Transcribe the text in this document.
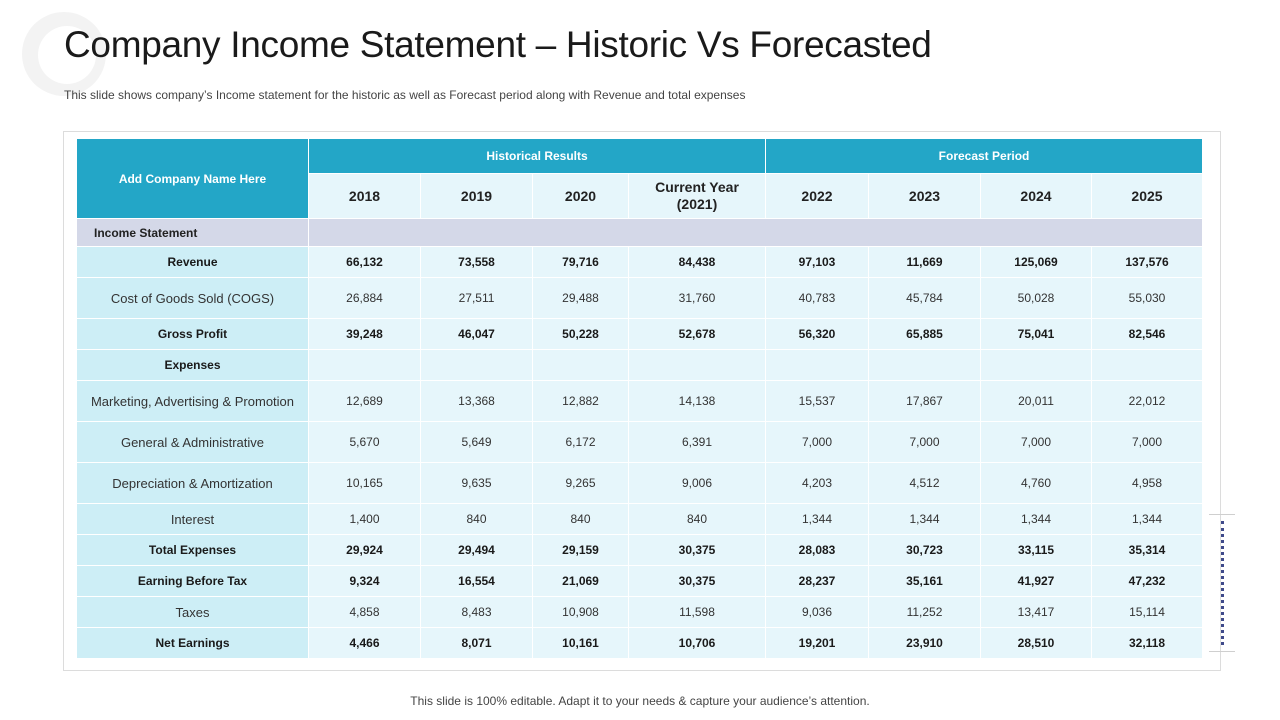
Company Income Statement – Historic Vs Forecasted

This slide shows company’s Income statement for the historic as well as Forecast period along with Revenue and total expenses

Add Company Name Here	Historical Results				Forecast Period			
	2018	2019	2020	Current Year (2021)	2022	2023	2024	2025
Income Statement								
Revenue	66,132	73,558	79,716	84,438	97,103	11,669	125,069	137,576
Cost of Goods Sold (COGS)	26,884	27,511	29,488	31,760	40,783	45,784	50,028	55,030
Gross Profit	39,248	46,047	50,228	52,678	56,320	65,885	75,041	82,546
Expenses								
Marketing, Advertising & Promotion	12,689	13,368	12,882	14,138	15,537	17,867	20,011	22,012
General & Administrative	5,670	5,649	6,172	6,391	7,000	7,000	7,000	7,000
Depreciation & Amortization	10,165	9,635	9,265	9,006	4,203	4,512	4,760	4,958
Interest	1,400	840	840	840	1,344	1,344	1,344	1,344
Total Expenses	29,924	29,494	29,159	30,375	28,083	30,723	33,115	35,314
Earning Before Tax	9,324	16,554	21,069	30,375	28,237	35,161	41,927	47,232
Taxes	4,858	8,483	10,908	11,598	9,036	11,252	13,417	15,114
Net Earnings	4,466	8,071	10,161	10,706	19,201	23,910	28,510	32,118

This slide is 100% editable. Adapt it to your needs & capture your audience’s attention.
